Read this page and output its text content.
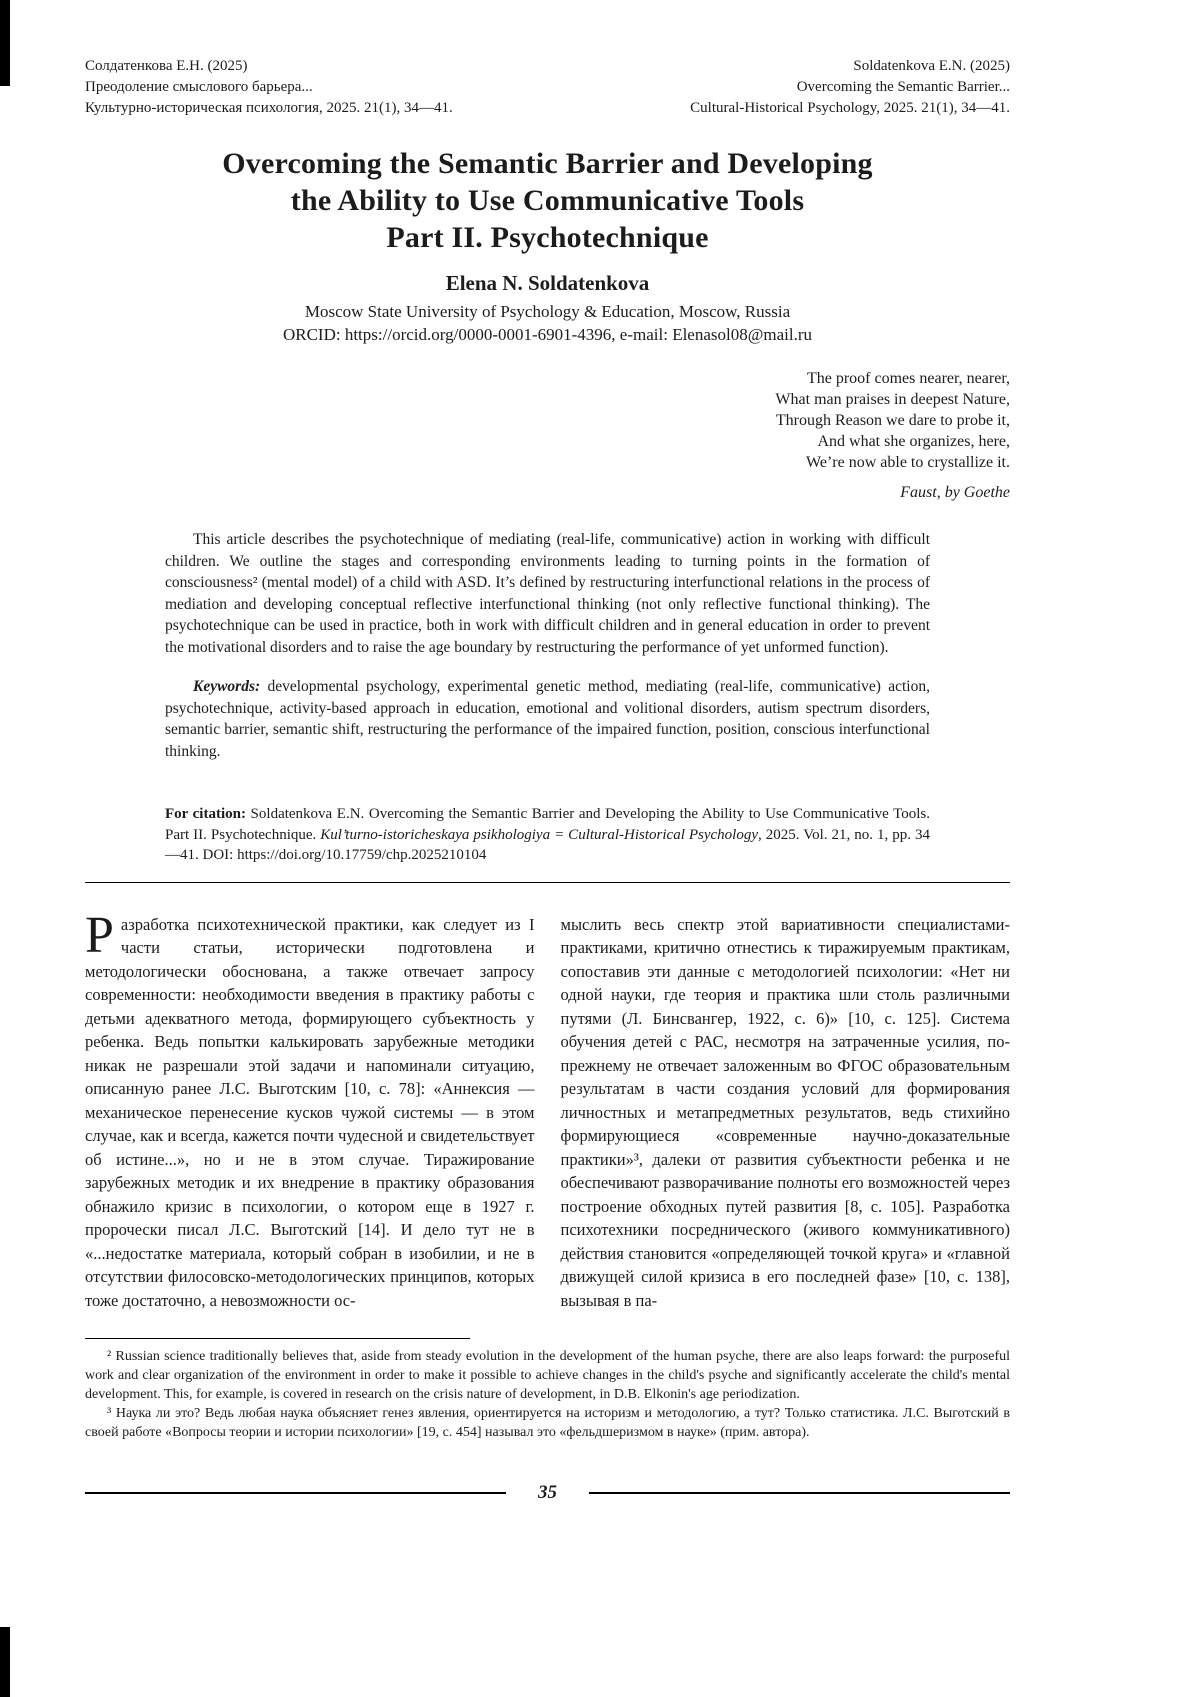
Солдатенкова Е.Н. (2025)
Преодоление смыслового барьера...
Культурно-историческая психология, 2025. 21(1), 34—41.
Soldatenkova E.N. (2025)
Overcoming the Semantic Barrier...
Cultural-Historical Psychology, 2025. 21(1), 34—41.
Overcoming the Semantic Barrier and Developing
the Ability to Use Communicative Tools
Part II. Psychotechnique
Elena N. Soldatenkova
Moscow State University of Psychology & Education, Moscow, Russia
ORCID: https://orcid.org/0000-0001-6901-4396, e-mail: Elenasol08@mail.ru
The proof comes nearer, nearer,
What man praises in deepest Nature,
Through Reason we dare to probe it,
And what she organizes, here,
We’re now able to crystallize it.
Faust, by Goethe

This article describes the psychotechnique of mediating (real-life, communicative) action in working with difficult children. We outline the stages and corresponding environments leading to turning points in the formation of consciousness² (mental model) of a child with ASD. It’s defined by restructuring interfunctional relations in the process of mediation and developing conceptual reflective interfunctional thinking (not only reflective functional thinking). The psychotechnique can be used in practice, both in work with difficult children and in general education in order to prevent the motivational disorders and to raise the age boundary by restructuring the performance of yet unformed function).

Keywords: developmental psychology, experimental genetic method, mediating (real-life, communicative) action, psychotechnique, activity-based approach in education, emotional and volitional disorders, autism spectrum disorders, semantic barrier, semantic shift, restructuring the performance of the impaired function, position, conscious interfunctional thinking.

For citation: Soldatenkova E.N. Overcoming the Semantic Barrier and Developing the Ability to Use Communicative Tools. Part II. Psychotechnique. Kul’turno-istoricheskaya psikhologiya = Cultural-Historical Psychology, 2025. Vol. 21, no. 1, pp. 34—41. DOI: https://doi.org/10.17759/chp.2025210104

Разработка психотехнической практики, как следует из I части статьи, исторически подготовлена и методологически обоснована, а также отвечает запросу современности: необходимости введения в практику работы с детьми адекватного метода, формирующего субъектность у ребенка. Ведь попытки калькировать зарубежные методики никак не разрешали этой задачи и напоминали ситуацию, описанную ранее Л.С. Выготским [10, с. 78]: «Аннексия — механическое перенесение кусков чужой системы — в этом случае, как и всегда, кажется почти чудесной и свидетельствует об истине...», но и не в этом случае. Тиражирование зарубежных методик и их внедрение в практику образования обнажило кризис в психологии, о котором еще в 1927 г. пророчески писал Л.С. Выготский [14]. И дело тут не в «...недостатке материала, который собран в изобилии, и не в отсутствии филосовско-методологических принципов, которых тоже достаточно, а невозможности ос-

мыслить весь спектр этой вариативности специалистами-практиками, критично отнестись к тиражируемым практикам, сопоставив эти данные с методологией психологии: «Нет ни одной науки, где теория и практика шли столь различными путями (Л. Бинсвангер, 1922, с. 6)» [10, с. 125]. Система обучения детей с РАС, несмотря на затраченные усилия, по-прежнему не отвечает заложенным во ФГОС образовательным результатам в части создания условий для формирования личностных и метапредметных результатов, ведь стихийно формирующиеся «современные научно-доказательные практики»³, далеки от развития субъектности ребенка и не обеспечивают разворачивание полноты его возможностей через построение обходных путей развития [8, с. 105]. Разработка психотехники посреднического (живого коммуникативного) действия становится «определяющей точкой круга» и «главной движущей силой кризиса в его последней фазе» [10, с. 138], вызывая в па-

² Russian science traditionally believes that, aside from steady evolution in the development of the human psyche, there are also leaps forward: the purposeful work and clear organization of the environment in order to make it possible to achieve changes in the child's psyche and significantly accelerate the child's mental development. This, for example, is covered in research on the crisis nature of development, in D.B. Elkonin's age periodization.

³ Наука ли это? Ведь любая наука объясняет генез явления, ориентируется на историзм и методологию, а тут? Только статистика. Л.С. Выготский в своей работе «Вопросы теории и истории психологии» [19, с. 454] называл это «фельдшеризмом в науке» (прим. автора).

35
